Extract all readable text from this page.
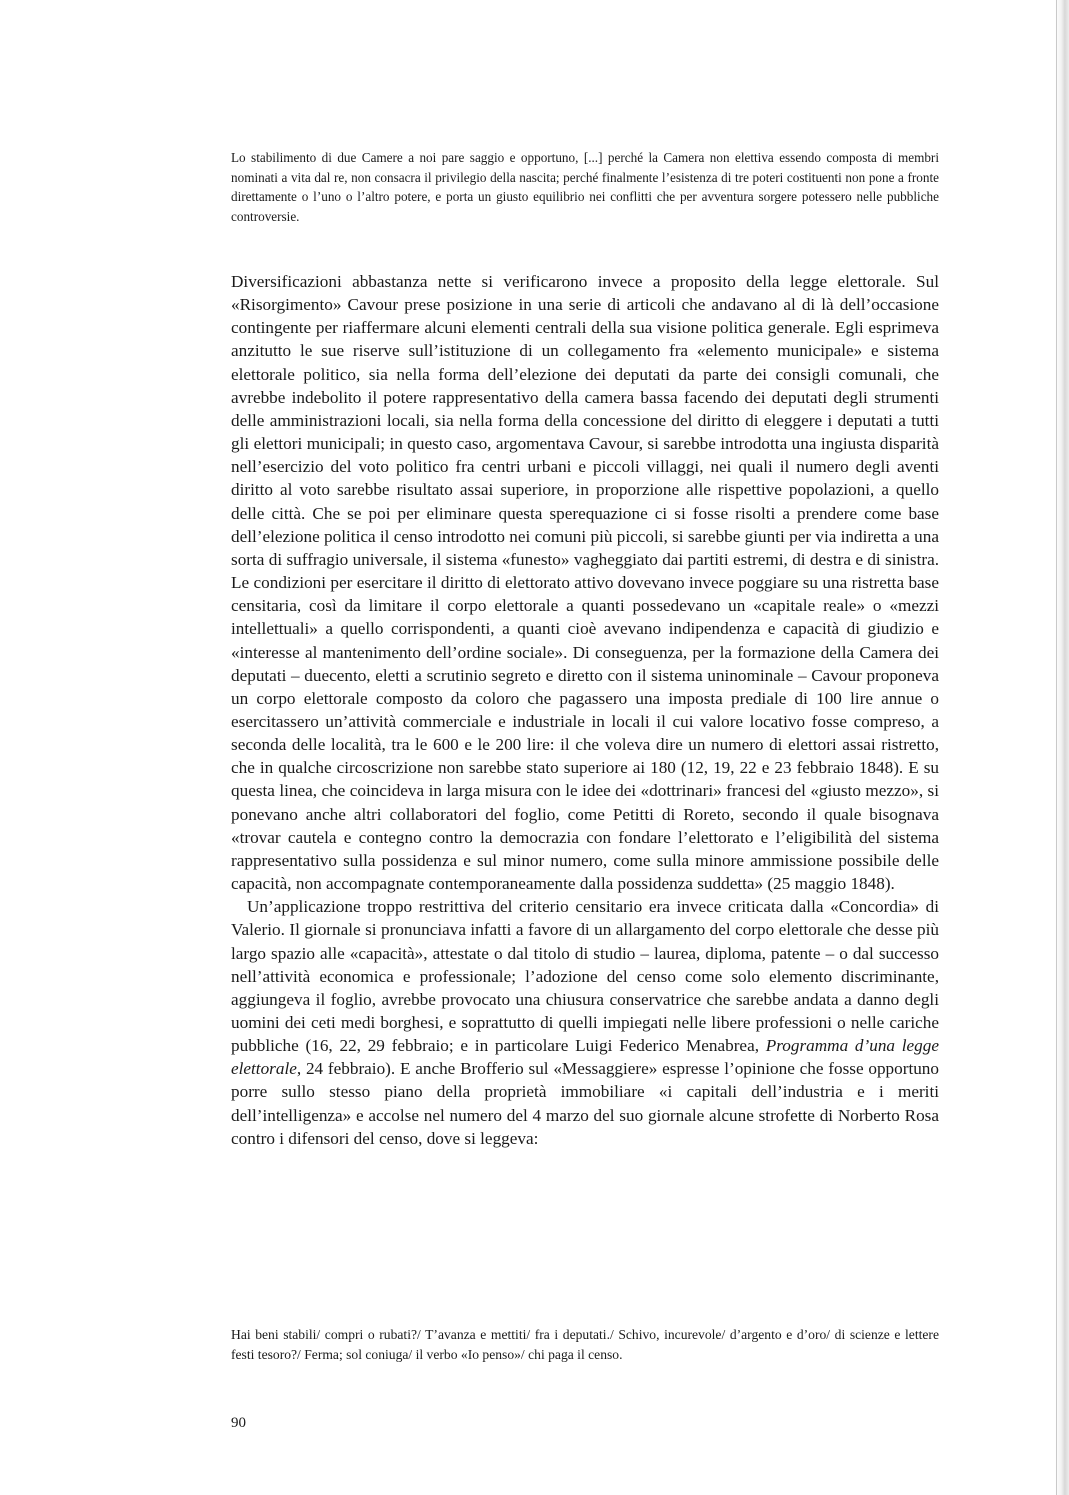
Lo stabilimento di due Camere a noi pare saggio e opportuno, [...] perché la Camera non elettiva essendo composta di membri nominati a vita dal re, non consacra il privilegio della nascita; perché finalmente l’esistenza di tre poteri costituenti non pone a fronte direttamente o l’uno o l’altro potere, e porta un giusto equilibrio nei conflitti che per avventura sorgere potessero nelle pubbliche controversie.

Diversificazioni abbastanza nette si verificarono invece a proposito della legge elettorale. Sul «Risorgimento» Cavour prese posizione in una serie di articoli che andavano al di là dell’occasione contingente per riaffermare alcuni elementi centrali della sua visione politica generale. Egli esprimeva anzitutto le sue riserve sull’istituzione di un collegamento fra «elemento municipale» e sistema elettorale politico, sia nella forma dell’elezione dei deputati da parte dei consigli comunali, che avrebbe indebolito il potere rappresentativo della camera bassa facendo dei deputati degli strumenti delle amministrazioni locali, sia nella forma della concessione del diritto di eleggere i deputati a tutti gli elettori municipali; in questo caso, argomentava Cavour, si sarebbe introdotta una ingiusta disparità nell’esercizio del voto politico fra centri urbani e piccoli villaggi, nei quali il numero degli aventi diritto al voto sarebbe risultato assai superiore, in proporzione alle rispettive popolazioni, a quello delle città. Che se poi per eliminare questa sperequazione ci si fosse risolti a prendere come base dell’elezione politica il censo introdotto nei comuni più piccoli, si sarebbe giunti per via indiretta a una sorta di suffragio universale, il sistema «funesto» vagheggiato dai partiti estremi, di destra e di sinistra. Le condizioni per esercitare il diritto di elettorato attivo dovevano invece poggiare su una ristretta base censitaria, così da limitare il corpo elettorale a quanti possedevano un «capitale reale» o «mezzi intellettuali» a quello corrispondenti, a quanti cioè avevano indipendenza e capacità di giudizio e «interesse al mantenimento dell’ordine sociale». Di conseguenza, per la formazione della Camera dei deputati – duecento, eletti a scrutinio segreto e diretto con il sistema uninominale – Cavour proponeva un corpo elettorale composto da coloro che pagassero una imposta prediale di 100 lire annue o esercitassero un’attività commerciale e industriale in locali il cui valore locativo fosse compreso, a seconda delle località, tra le 600 e le 200 lire: il che voleva dire un numero di elettori assai ristretto, che in qualche circoscrizione non sarebbe stato superiore ai 180 (12, 19, 22 e 23 febbraio 1848). E su questa linea, che coincideva in larga misura con le idee dei «dottrinari» francesi del «giusto mezzo», si ponevano anche altri collaboratori del foglio, come Petitti di Roreto, secondo il quale bisognava «trovar cautela e contegno contro la democrazia con fondare l’elettorato e l’eligibilità del sistema rappresentativo sulla possidenza e sul minor numero, come sulla minore ammissione possibile delle capacità, non accompagnate contemporaneamente dalla possidenza suddetta» (25 maggio 1848).

Un’applicazione troppo restrittiva del criterio censitario era invece criticata dalla «Concordia» di Valerio. Il giornale si pronunciava infatti a favore di un allargamento del corpo elettorale che desse più largo spazio alle «capacità», attestate o dal titolo di studio – laurea, diploma, patente – o dal successo nell’attività economica e professionale; l’adozione del censo come solo elemento discriminante, aggiungeva il foglio, avrebbe provocato una chiusura conservatrice che sarebbe andata a danno degli uomini dei ceti medi borghesi, e soprattutto di quelli impiegati nelle libere professioni o nelle cariche pubbliche (16, 22, 29 febbraio; e in particolare Luigi Federico Menabrea, Programma d’una legge elettorale, 24 febbraio). E anche Brofferio sul «Messaggiere» espresse l’opinione che fosse opportuno porre sullo stesso piano della proprietà immobiliare «i capitali dell’industria e i meriti dell’intelligenza» e accolse nel numero del 4 marzo del suo giornale alcune strofette di Norberto Rosa contro i difensori del censo, dove si leggeva:

Hai beni stabili/ compri o rubati?/ T’avanza e mettiti/ fra i deputati./ Schivo, incurevole/ d’argento e d’oro/ di scienze e lettere festi tesoro?/ Ferma; sol coniuga/ il verbo «Io penso»/ chi paga il censo.
90
